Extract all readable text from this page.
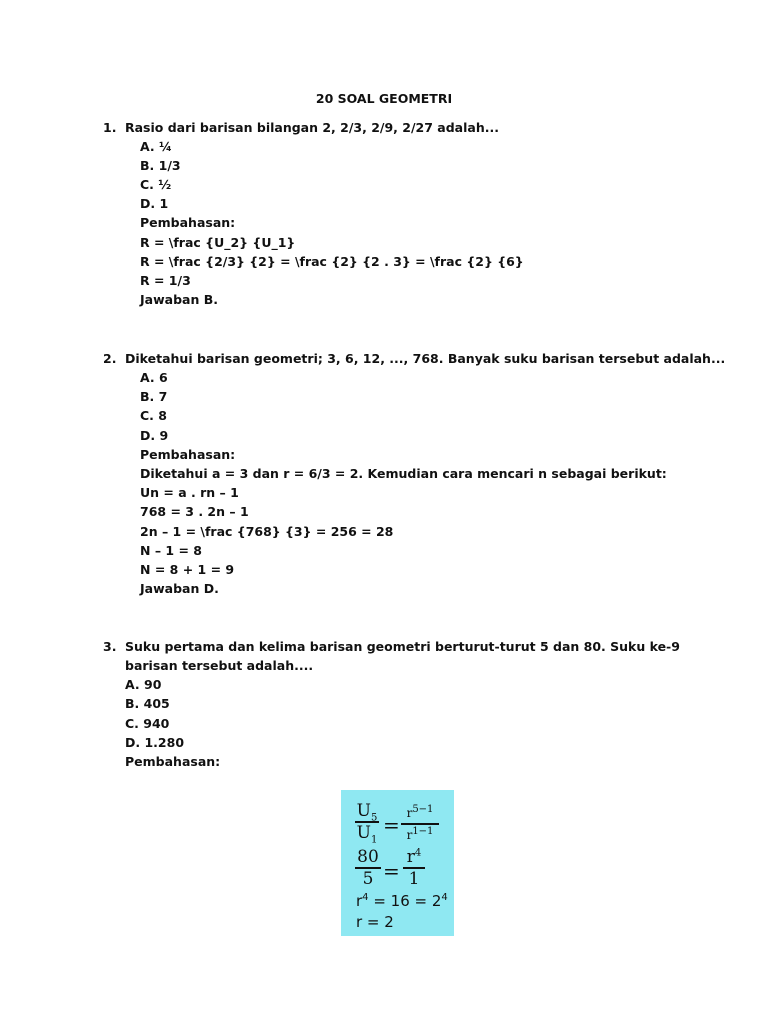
20 SOAL GEOMETRI
1. Rasio dari barisan bilangan 2, 2/3, 2/9, 2/27 adalah...
A. ¼
B. 1/3
C. ½
D. 1
Pembahasan:
R = \frac {U_2} {U_1}
R = \frac {2/3} {2} = \frac {2} {2 . 3} = \frac {2} {6}
R = 1/3
Jawaban B.
2. Diketahui barisan geometri; 3, 6, 12, ..., 768. Banyak suku barisan tersebut adalah...
A. 6
B. 7
C. 8
D. 9
Pembahasan:
Diketahui a = 3 dan r = 6/3 = 2. Kemudian cara mencari n sebagai berikut:
Un = a . rn – 1
768 = 3 . 2n – 1
2n – 1 = \frac {768} {3} = 256 = 28
N – 1 = 8
N = 8 + 1 = 9
Jawaban D.
3. Suku pertama dan kelima barisan geometri berturut-turut 5 dan 80. Suku ke-9
barisan tersebut adalah....
A. 90
B. 405
C. 940
D. 1.280
Pembahasan:
$U_5$
$U_1$
= $r^{5-1}$
$r^{1-1}$
80
5 =
$r^4$
1
$r^4 = 16 = 2^4$
r = 2
